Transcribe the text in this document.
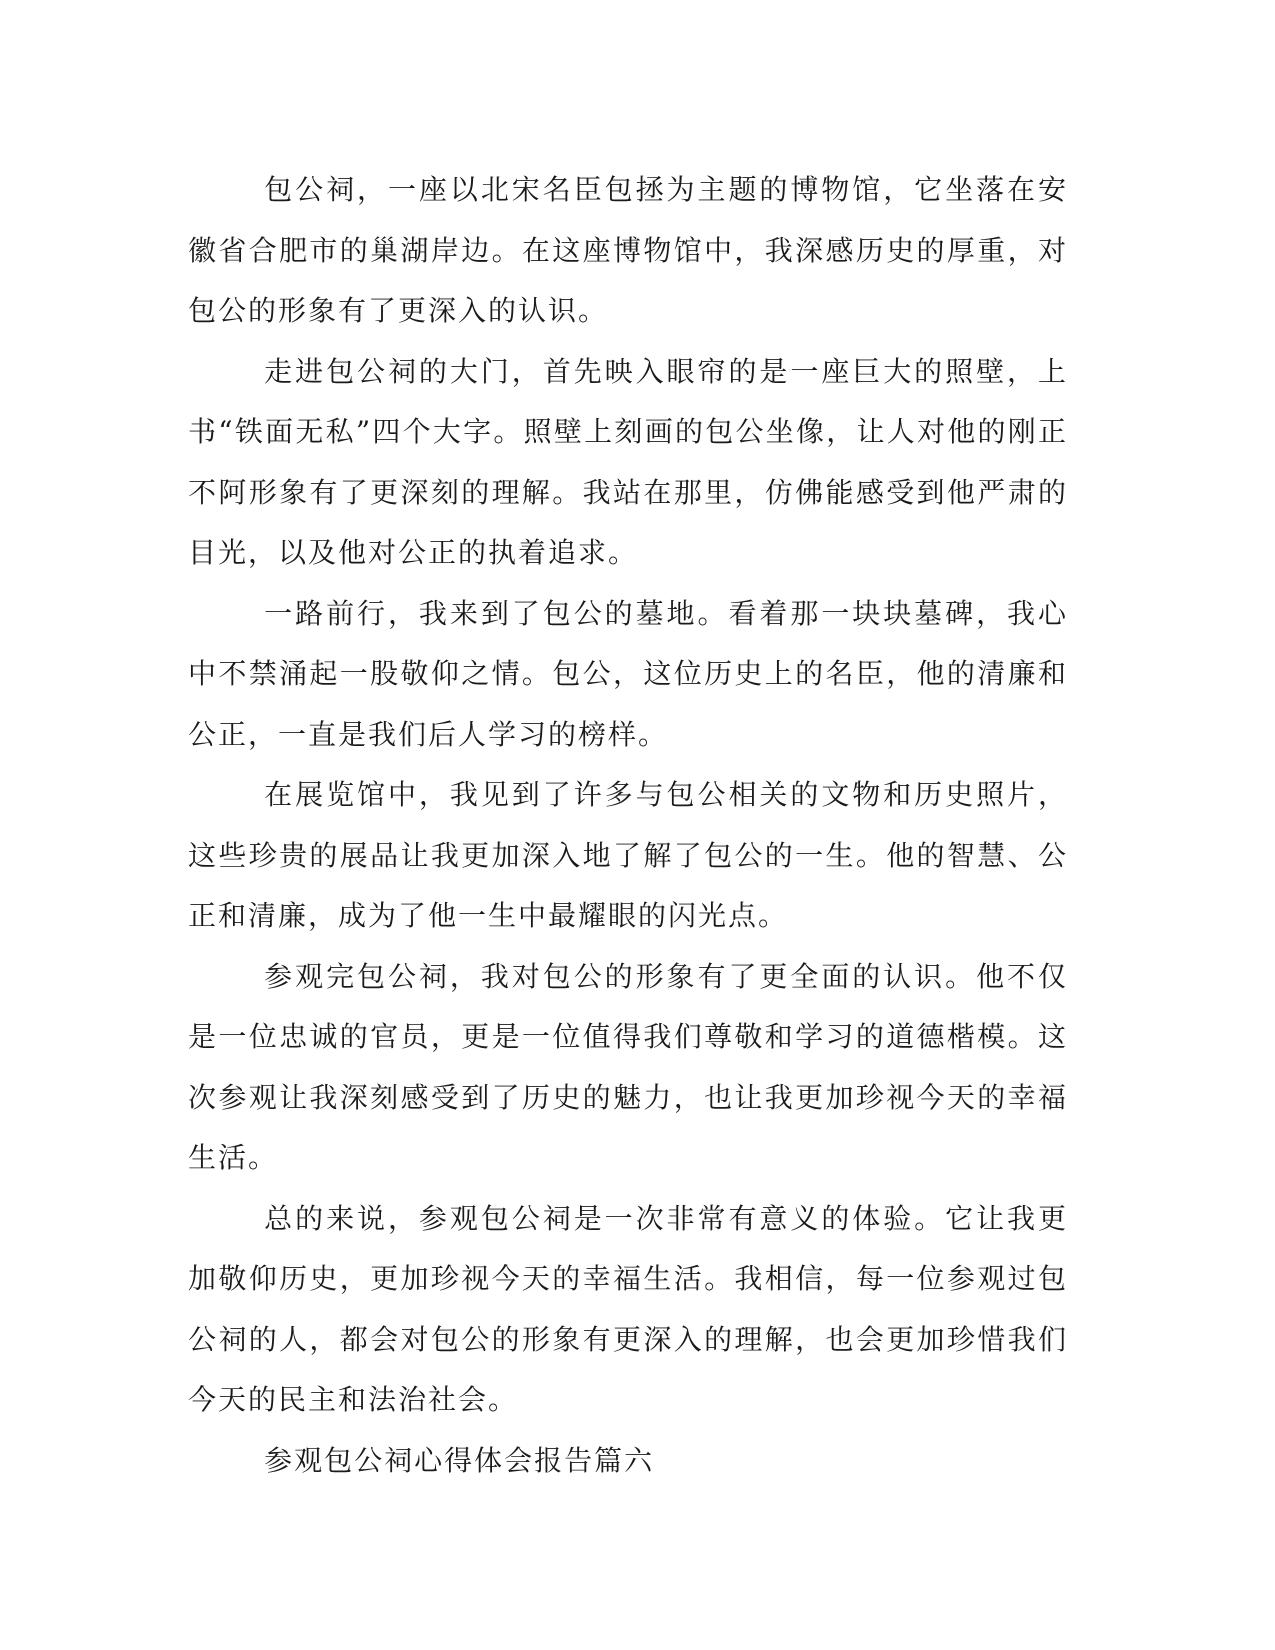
包公祠，一座以北宋名臣包拯为主题的博物馆，它坐落在安徽省合肥市的巢湖岸边。在这座博物馆中，我深感历史的厚重，对包公的形象有了更深入的认识。

走进包公祠的大门，首先映入眼帘的是一座巨大的照壁，上书“铁面无私”四个大字。照壁上刻画的包公坐像，让人对他的刚正不阿形象有了更深刻的理解。我站在那里，仿佛能感受到他严肃的目光，以及他对公正的执着追求。

一路前行，我来到了包公的墓地。看着那一块块墓碑，我心中不禁涌起一股敬仰之情。包公，这位历史上的名臣，他的清廉和公正，一直是我们后人学习的榜样。

在展览馆中，我见到了许多与包公相关的文物和历史照片，这些珍贵的展品让我更加深入地了解了包公的一生。他的智慧、公正和清廉，成为了他一生中最耀眼的闪光点。

参观完包公祠，我对包公的形象有了更全面的认识。他不仅是一位忠诚的官员，更是一位值得我们尊敬和学习的道德楷模。这次参观让我深刻感受到了历史的魅力，也让我更加珍视今天的幸福生活。

总的来说，参观包公祠是一次非常有意义的体验。它让我更加敬仰历史，更加珍视今天的幸福生活。我相信，每一位参观过包公祠的人，都会对包公的形象有更深入的理解，也会更加珍惜我们今天的民主和法治社会。

参观包公祠心得体会报告篇六
